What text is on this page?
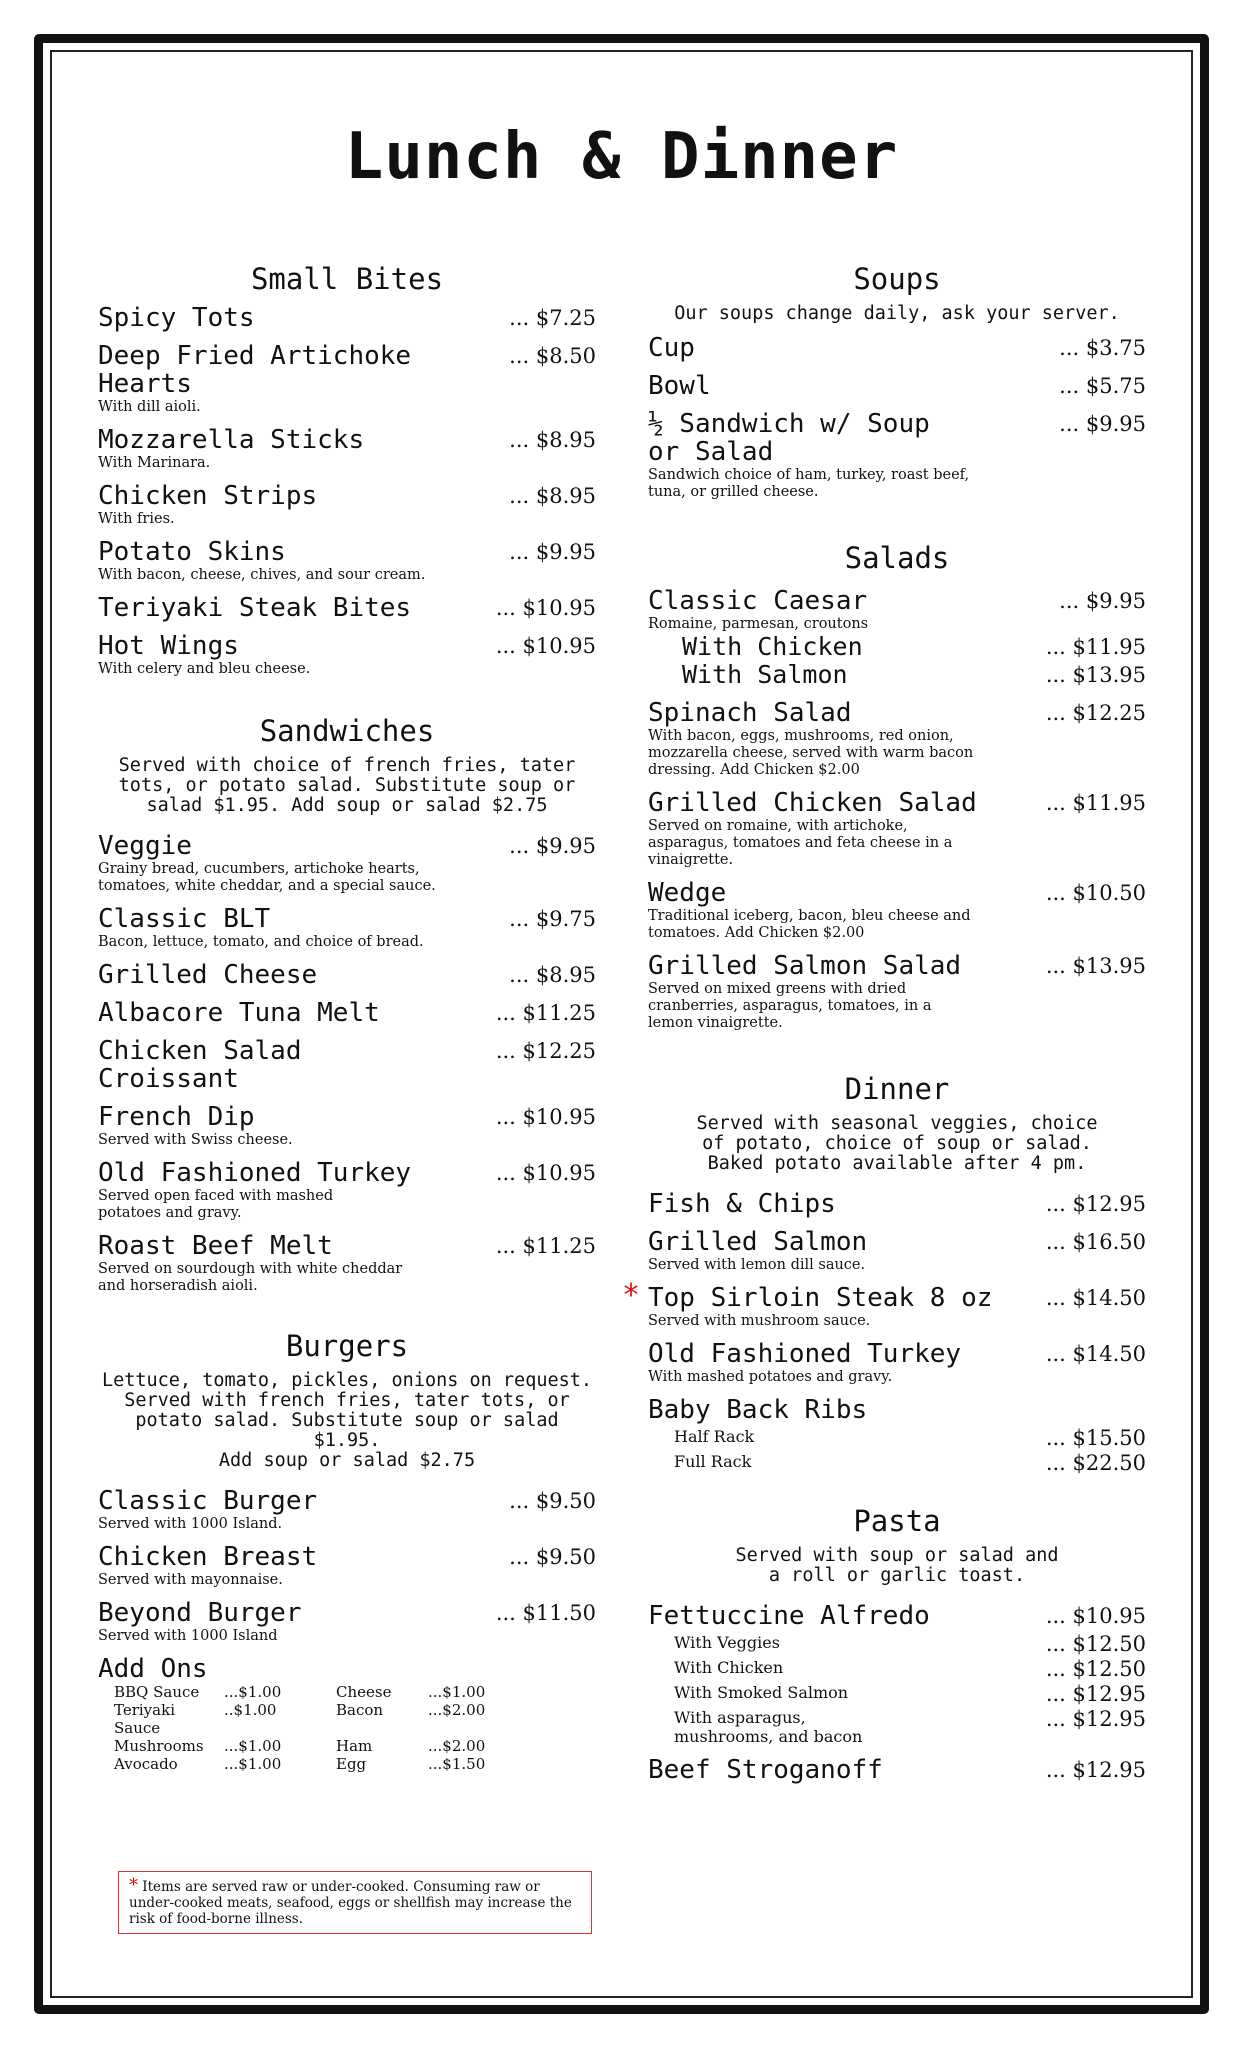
Lunch & Dinner
Small Bites
Spicy Tots	... $7.25
Deep Fried Artichoke
Hearts
... $8.50
With dill aioli.
Mozzarella Sticks	... $8.95
With Marinara.
Chicken Strips	... $8.95
With fries.
Potato Skins	... $9.95
With bacon, cheese, chives, and sour cream.
Teriyaki Steak Bites	... $10.95
Hot Wings	... $10.95
With celery and bleu cheese.
Sandwiches
Served with choice of french fries, tater
tots, or potato salad. Substitute soup or
salad $1.95. Add soup or salad $2.75
Veggie	... $9.95
Grainy bread, cucumbers, artichoke hearts,
tomatoes, white cheddar, and a special sauce.
Classic BLT	... $9.75
Bacon, lettuce, tomato, and choice of bread.
Grilled Cheese	... $8.95
Albacore Tuna Melt	... $11.25
Chicken Salad
Croissant
... $12.25
French Dip	... $10.95
Served with Swiss cheese.
Old Fashioned Turkey	... $10.95
Served open faced with mashed
potatoes and gravy.
Roast Beef Melt	... $11.25
Served on sourdough with white cheddar
and horseradish aioli.
Burgers
Lettuce, tomato, pickles, onions on request.
Served with french fries, tater tots, or
potato salad. Substitute soup or salad $1.95.
Add soup or salad $2.75
Classic Burger	... $9.50
Served with 1000 Island.
Chicken Breast	... $9.50
Served with mayonnaise.
Beyond Burger	... $11.50
Served with 1000 Island
Add Ons
BBQ Sauce	...$1.00	Cheese	...$1.00
Teriyaki Sauce
..$1.00	Bacon	...$2.00
Mushrooms	...$1.00	Ham	...$2.00
Avocado	...$1.00	Egg	...$1.50
Soups
Our soups change daily, ask your server.
Cup	... $3.75
Bowl	... $5.75
½ Sandwich w/ Soup
or Salad
... $9.95
Sandwich choice of ham, turkey, roast beef,
tuna, or grilled cheese.
Salads
Classic Caesar	... $9.95
Romaine, parmesan, croutons
With Chicken	... $11.95
With Salmon	... $13.95
Spinach Salad	... $12.25
With bacon, eggs, mushrooms, red onion,
mozzarella cheese, served with warm bacon
dressing. Add Chicken $2.00
Grilled Chicken Salad	... $11.95
Served on romaine, with artichoke,
asparagus, tomatoes and feta cheese in a
vinaigrette.
Wedge	... $10.50
Traditional iceberg, bacon, bleu cheese and
tomatoes. Add Chicken $2.00
Grilled Salmon Salad	... $13.95
Served on mixed greens with dried
cranberries, asparagus, tomatoes, in a
lemon vinaigrette.
Dinner
Served with seasonal veggies, choice
of potato, choice of soup or salad.
Baked potato available after 4 pm.
Fish & Chips	... $12.95
Grilled Salmon	... $16.50
Served with lemon dill sauce.
* Top Sirloin Steak 8 oz	... $14.50
Served with mushroom sauce.
Old Fashioned Turkey	... $14.50
With mashed potatoes and gravy.
Baby Back Ribs
Half Rack	... $15.50
Full Rack	... $22.50
Pasta
Served with soup or salad and
a roll or garlic toast.
Fettuccine Alfredo	... $10.95
With Veggies	... $12.50
With Chicken	... $12.50
With Smoked Salmon	... $12.95
With asparagus,
mushrooms, and bacon
... $12.95
Beef Stroganoff	... $12.95
* Items are served raw or under-cooked. Consuming raw or under-cooked meats, seafood, eggs or shellfish may increase the risk of food-borne illness.
